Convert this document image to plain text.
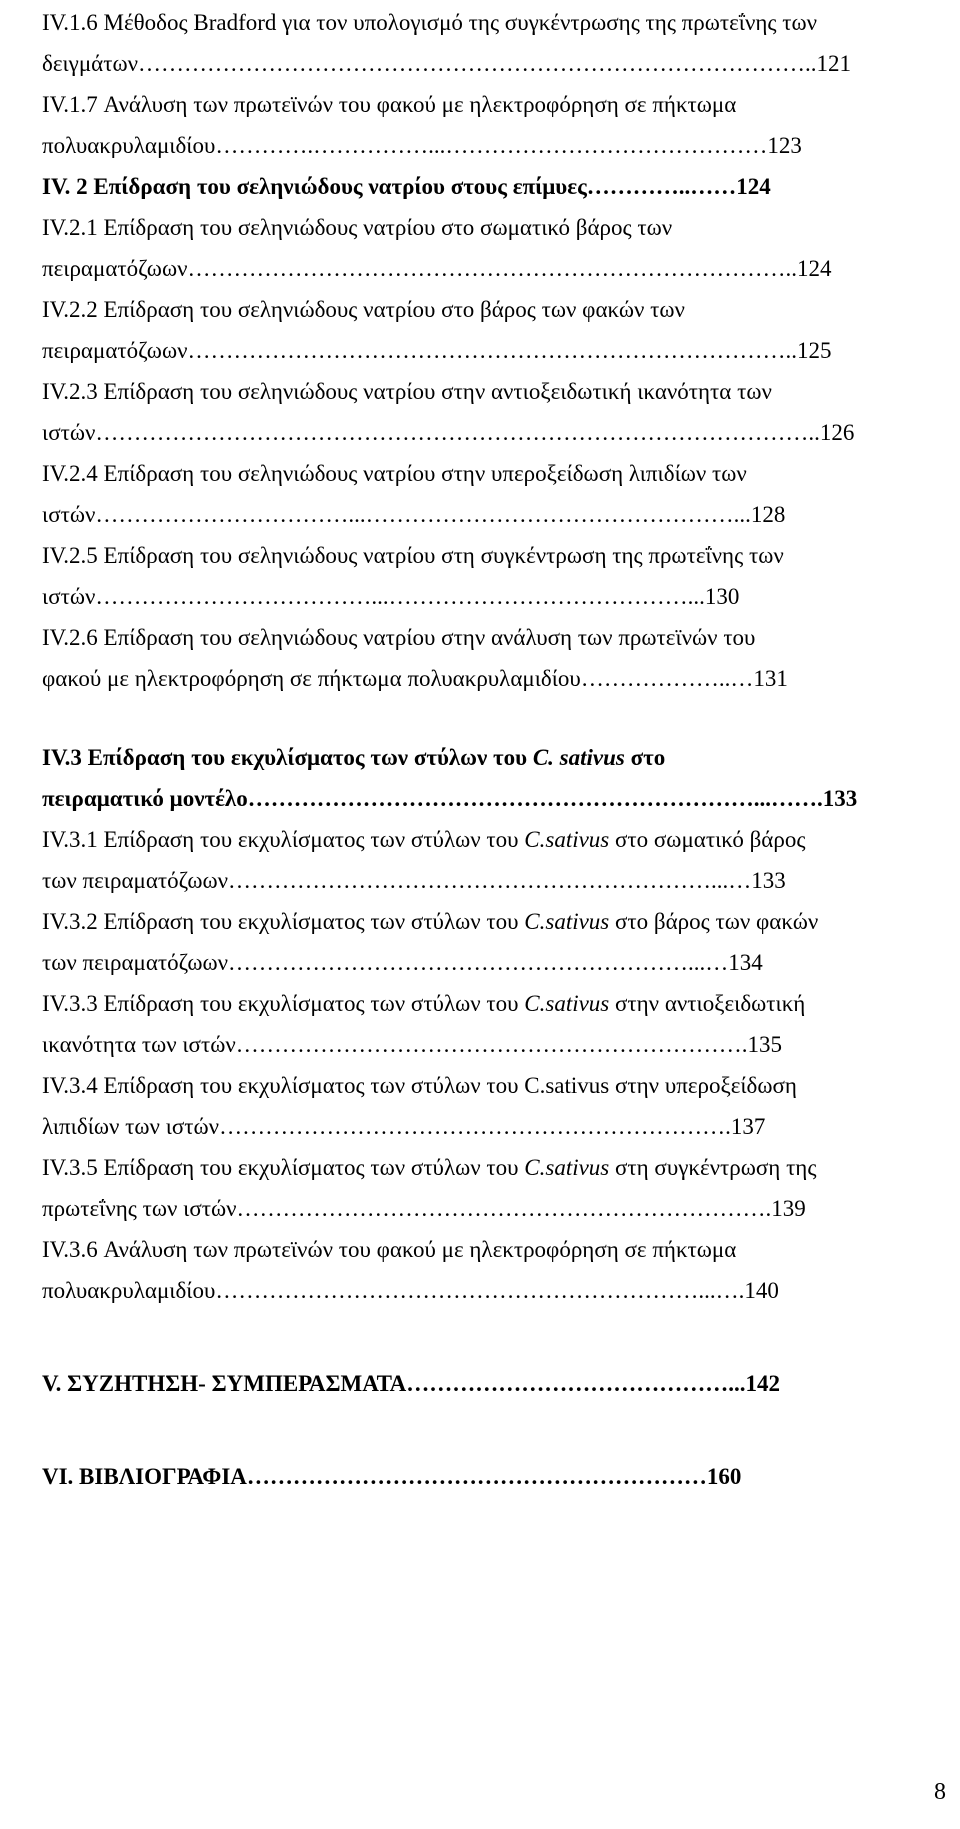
IV.1.6 Μέθοδος Bradford για τον υπολογισμό της συγκέντρωσης της πρωτεΐνης των
δειγμάτων……………………………………………………………………………..121
IV.1.7 Ανάλυση των πρωτεϊνών του φακού με ηλεκτροφόρηση σε πήκτωμα
πολυακρυλαμιδίου………….……………...……………………………………123
IV. 2 Επίδραση του σεληνιώδους νατρίου στους επίμυες…………..……124
IV.2.1 Επίδραση του σεληνιώδους νατρίου στο σωματικό βάρος των
πειραματόζωων……………………………………………………………………..124
IV.2.2 Επίδραση του σεληνιώδους νατρίου στο βάρος των φακών των
πειραματόζωων……………………………………………………………………..125
IV.2.3 Επίδραση του σεληνιώδους νατρίου στην αντιοξειδωτική ικανότητα των
ιστών…………………………………………………………………………………..126
IV.2.4 Επίδραση του σεληνιώδους νατρίου στην υπεροξείδωση λιπιδίων των
ιστών……………………………...…………………………………………...128
IV.2.5 Επίδραση του σεληνιώδους νατρίου στη συγκέντρωση της πρωτεΐνης των
ιστών………………………………...…………………………………...130
IV.2.6 Επίδραση του σεληνιώδους νατρίου στην ανάλυση των πρωτεϊνών του
φακού με ηλεκτροφόρηση σε πήκτωμα πολυακρυλαμιδίου………………..…131
IV.3 Επίδραση του εκχυλίσματος των στύλων του C. sativus στο
πειραματικό μοντέλο…………………………………………………………...…….133
IV.3.1 Επίδραση του εκχυλίσματος των στύλων του C.sativus στο σωματικό βάρος
των πειραματόζωων………………………………………………………...…133
IV.3.2 Επίδραση του εκχυλίσματος των στύλων του C.sativus στο βάρος των φακών
των πειραματόζωων……………………………………………………...…134
IV.3.3 Επίδραση του εκχυλίσματος των στύλων του C.sativus στην αντιοξειδωτική
ικανότητα των ιστών………………………………………………………….135
IV.3.4 Επίδραση του εκχυλίσματος των στύλων του C.sativus στην υπεροξείδωση
λιπιδίων των ιστών………………………………………………………….137
IV.3.5 Επίδραση του εκχυλίσματος των στύλων του C.sativus στη συγκέντρωση της
πρωτεΐνης των ιστών…………………………………………………………….139
IV.3.6 Ανάλυση των πρωτεϊνών του φακού με ηλεκτροφόρηση σε πήκτωμα
πολυακρυλαμιδίου………………………………………………………...….140
V. ΣΥΖΗΤΗΣΗ- ΣΥΜΠΕΡΑΣΜΑΤΑ……………………………………...142
VI. ΒΙΒΛΙΟΓΡΑΦΙΑ……………………………………………………160
8
